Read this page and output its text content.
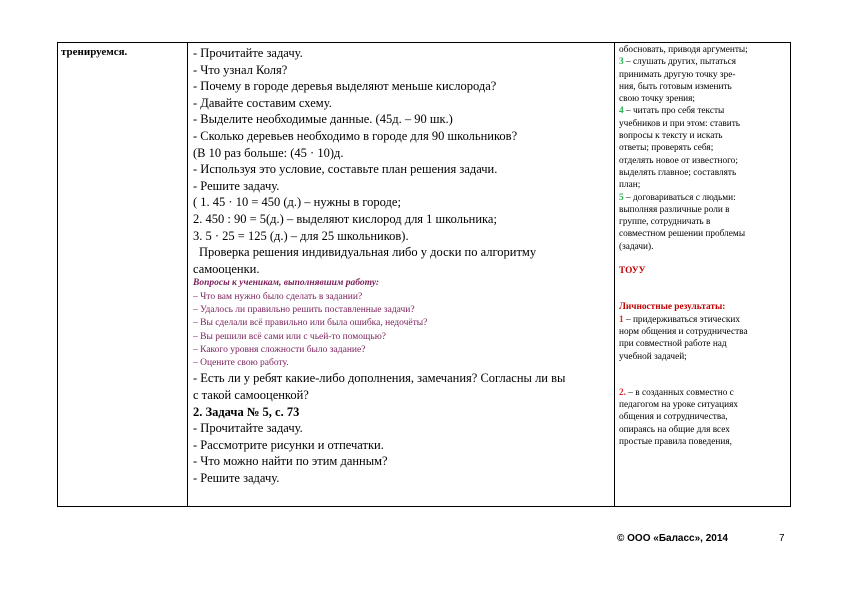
тренируемся.	- Прочитайте задачу.
- Что узнал Коля?
- Почему в городе деревья выделяют меньше кислорода?
- Давайте составим схему.
- Выделите необходимые данные. (45д. – 90 шк.)
- Сколько деревьев необходимо в городе для 90 школьников?
(В 10 раз больше: (45 · 10)д.
- Используя это условие, составьте план решения задачи.
- Решите задачу.
( 1. 45 · 10 = 450 (д.) – нужны в городе;
2. 450 : 90 = 5(д.) – выделяют кислород для 1 школьника;
3. 5 · 25 = 125 (д.) – для 25 школьников).
Проверка решения индивидуальная либо у доски по алгоритму
самооценки.
Вопросы к ученикам, выполнявшим работу:
– Что вам нужно было сделать в задании?
– Удалось ли правильно решить поставленные задачи?
– Вы сделали всё правильно или была ошибка, недочёты?
– Вы решили всё сами или с чьей-то помощью?
– Какого уровня сложности было задание?
– Оцените свою работу.
- Есть ли у ребят какие-либо дополнения, замечания? Согласны ли вы
с такой самооценкой?
2. Задача № 5, с. 73
- Прочитайте задачу.
- Рассмотрите рисунки и отпечатки.
- Что можно найти по этим данным?
- Решите задачу.
обосновать, приводя аргументы;
3 – слушать других, пытаться
принимать другую точку зре-
ния, быть готовым изменить
свою точку зрения;
4 – читать про себя тексты
учебников и при этом: ставить
вопросы к тексту и искать
ответы; проверять себя;
отделять новое от известного;
выделять главное; составлять
план;
5 – договариваться с людьми:
выполняя различные роли в
группе, сотрудничать в
совместном решении проблемы
(задачи).
ТОУУ
Личностные результаты:
1 – придерживаться этических
норм общения и сотрудничества
при совместной работе над
учебной задачей;
2. – в созданных совместно с
педагогом на уроке ситуациях
общения и сотрудничества,
опираясь на общие для всех
простые правила поведения,
© ООО «Баласс», 2014	7
